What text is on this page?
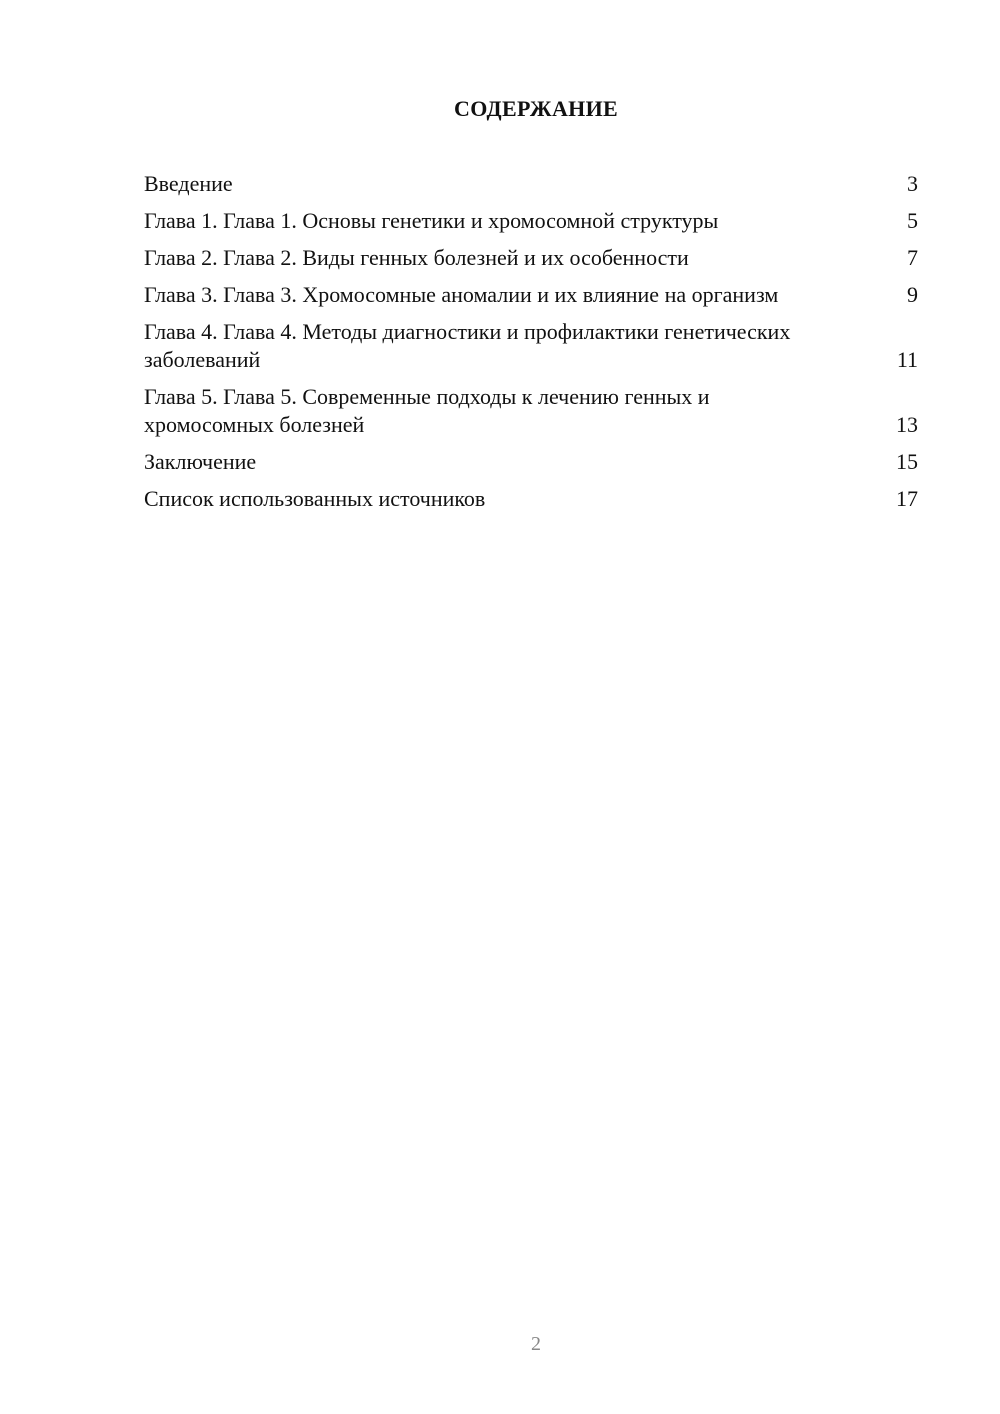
СОДЕРЖАНИЕ
Введение	3
Глава 1. Глава 1. Основы генетики и хромосомной структуры	5
Глава 2. Глава 2. Виды генных болезней и их особенности	7
Глава 3. Глава 3. Хромосомные аномалии и их влияние на организм	9
Глава 4. Глава 4. Методы диагностики и профилактики генетических заболеваний	11
Глава 5. Глава 5. Современные подходы к лечению генных и хромосомных болезней	13
Заключение	15
Список использованных источников	17
2
